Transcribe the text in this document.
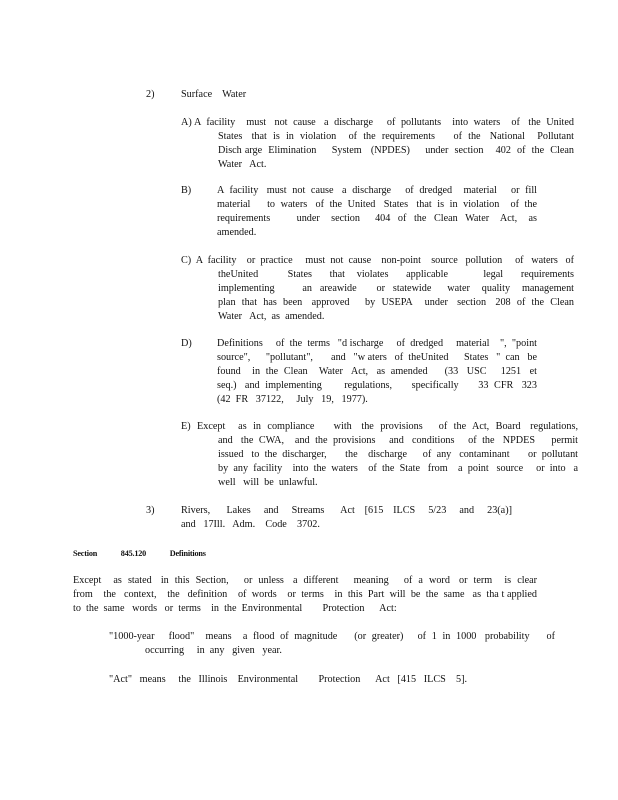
2)	Surface    Water

A) A  facility    must   not  cause   a  discharge     of  pollutants    into  waters    of   the  United   States   that  is  in  violation    of  the  requirements      of  the   National    Pollutant    Disch arge  Elimination     System   (NPDES)     under  section    402  of  the  Clean    Water   Act.

B)	A  facility   must  not  cause   a  discharge     of  dredged    material     or  fill   material      to  waters   of  the  United   States   that  is  in  violation    of  the   requirements       under   section    404  of  the  Clean  Water   Act,   as   amended.

C)  A  facility    or  practice     must  not  cause    non-point    source   pollution     of   waters   of  theUnited     States   that  violates   applicable      legal   requirements       implementing       an  areawide     or  statewide    water   quality   management        plan  that  has  been   approved     by  USEPA    under   section   208  of  the  Clean     Water   Act,  as  amended.

D) Definitions     of  the  terms   "d ischarge     of  dredged     material    ",  "point    source",      "pollutant",       and   "w aters   of  theUnited      States   "  can   be   found    in  the  Clean    Water   Act,   as  amended      (33   USC     1251   et  seq.)   and  implementing        regulations,       specifically       33  CFR   323   (42  FR   37122,     July   19,   1977).

E)  Except    as  in  compliance      with   the  provisions     of  the  Act,  Board   regulations,       and   the  CWA,    and  the  provisions     and   conditions     of  the   NPDES      permit    issued   to  the  discharger,       the    discharge      of  any   contaminant       or  pollutant    by  any  facility    into  the  waters    of  the  State   from    a  point   source     or  into   a  well   will  be  unlawful.

3)	Rivers,     Lakes    and    Streams     Act   [615   ILCS    5/23    and    23(a)]     and   17Ill.   Adm.    Code    3702.

Section	845.120	Definitions

Except    as  stated   in  this  Section,     or  unless   a  different     meaning     of  a  word   or  term    is  clear   from    the   context,    the   definition    of  words    or  terms    in  this  Part  will  be  the  same   as  tha t applied    to  the  same   words   or  terms    in  the  Environmental        Protection      Act:

"1000-year     flood"    means    a  flood  of  magnitude      (or  greater)     of  1  in  1000   probability      of   occurring     in  any   given   year.

"Act"   means     the   Illinois    Environmental        Protection      Act   [415   ILCS    5].
